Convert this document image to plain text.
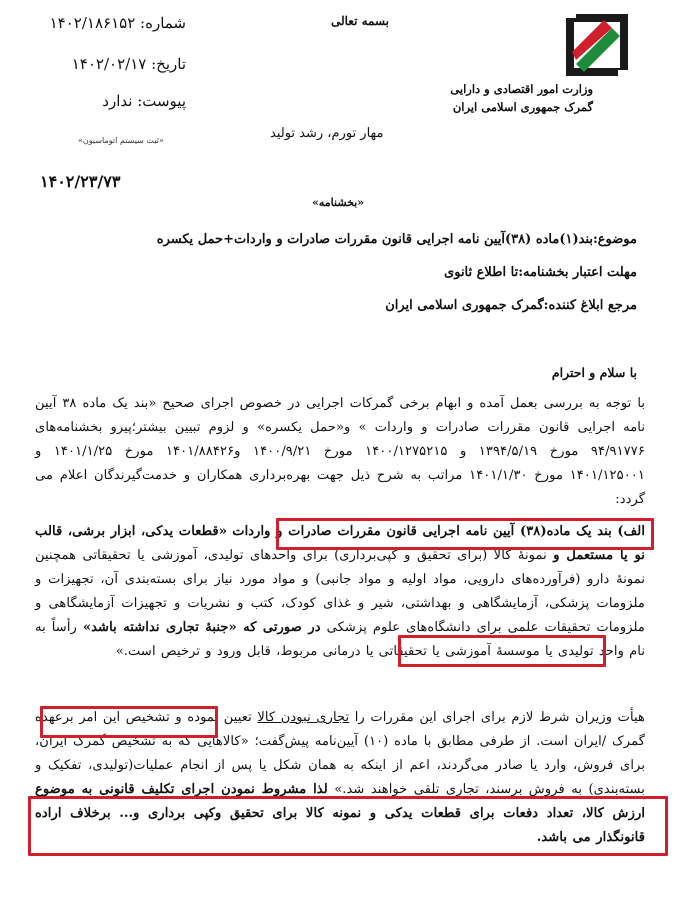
شماره: ۱۴۰۲/۱۸۶۱۵۲
تاریخ: ۱۴۰۲/۰۲/۱۷
پیوست: ندارد
«ثبت سیستم اتوماسیون»
۱۴۰۲/۲۳/۷۳
بسمه تعالی
وزارت امور اقتصادی و دارایی
گمرک جمهوری اسلامی ایران
مهار تورم، رشد تولید
«بخشنامه»
موضوع:بند(۱)ماده (۳۸)آیین نامه اجرایی قانون مقررات صادرات و واردات+حمل یکسره
مهلت اعتبار بخشنامه:تا اطلاع ثانوی
مرجع ابلاغ کننده:گمرک جمهوری اسلامی ایران
با سلام و احترام
با توجه به بررسی بعمل آمده و ابهام برخی گمرکات اجرایی در خصوص اجرای صحیح «بند یک ماده ۳۸ آیین نامه اجرایی قانون مقررات صادرات و واردات » و«حمل یکسره» و لزوم تبیین بیشتر؛پیرو بخشنامه‌های ۹۴/۹۱۷۷۶ مورخ ۱۳۹۴/۵/۱۹ و ۱۴۰۰/۱۲۷۵۲۱۵ مورخ ۱۴۰۰/۹/۲۱ و۱۴۰۱/۸۸۴۲۶ مورخ ۱۴۰۱/۱/۲۵ و ۱۴۰۱/۱۲۵۰۰۱ مورخ ۱۴۰۱/۱/۳۰ مراتب به شرح ذیل جهت بهره‌برداری همکاران و خدمت‌گیرندگان اعلام می گردد:
الف) بند یک ماده(۳۸) آیین نامه اجرایی قانون مقررات صادرات و واردات «قطعات یدکی، ابزار برشی، قالب نو یا مستعمل و نمونهٔ کالا (برای تحقیق و کپی‌برداری) برای واحدهای تولیدی، آموزشی یا تحقیقاتی همچنین نمونهٔ دارو (فرآورده‌های دارویی، مواد اولیه و مواد جانبی) و مواد مورد نیاز برای بسته‌بندی آن، تجهیزات و ملزومات پزشکی، آزمایشگاهی و بهداشتی، شیر و غذای کودک، کتب و نشریات و تجهیزات آزمایشگاهی و ملزومات تحقیقات علمی برای دانشگاه‌های علوم پزشکی در صورتی که «جنبهٔ تجاری نداشته باشد» رأساً به نام واحد تولیدی یا موسسهٔ آموزشی یا تحقیقاتی یا درمانی مربوط، قابل ورود و ترخیص است.»
هیأت وزیران شرط لازم برای اجرای این مقررات را تجاری نبودن کالا تعیین نموده و تشخیص این امر برعهده گمرک /ایران است. از طرفی مطابق با ماده (۱۰) آیین‌نامه پیش‌گفت؛ «کالاهایی که به تشخیص گمرک ایران، برای فروش، وارد یا صادر می‌گردند، اعم از اینکه به همان شکل یا پس از انجام عملیات(تولیدی، تفکیک و بسته‌بندی) به فروش برسند، تجاری تلقی خواهند شد.» لذا مشروط نمودن اجرای تکلیف قانونی به موضوع ارزش کالا، تعداد دفعات برای قطعات یدکی و نمونه کالا برای تحقیق وکپی برداری و... برخلاف اراده قانونگذار می باشد.
